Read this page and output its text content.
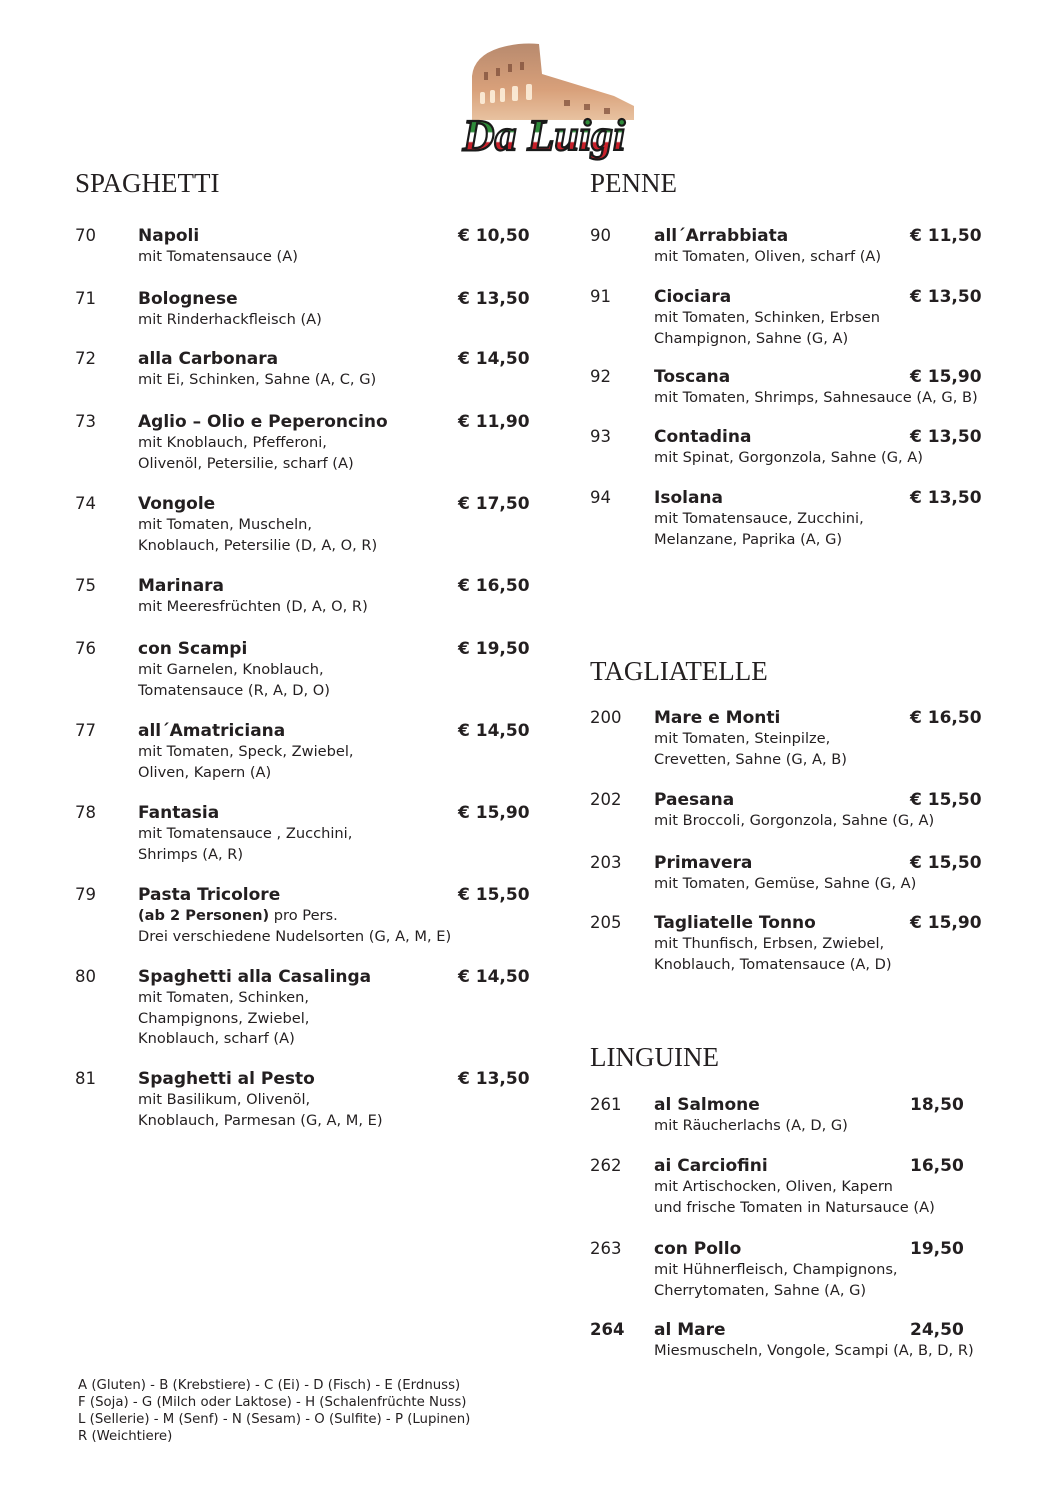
Da Luigi
SPAGHETTI	PENNE
TAGLIATELLE
LINGUINE
70 Napoli	€ 10,50
mit Tomatensauce (A)
71 Bolognese	€ 13,50
mit Rinderhackfleisch (A)
72 alla Carbonara	€ 14,50
mit Ei, Schinken, Sahne (A, C, G)
73 Aglio – Olio e Peperoncino	€ 11,90
mit Knoblauch, Pfefferoni,
Olivenöl, Petersilie, scharf (A)
74 Vongole	€ 17,50
mit Tomaten, Muscheln,
Knoblauch, Petersilie (D, A, O, R)
75 Marinara	€ 16,50
mit Meeresfrüchten (D, A, O, R)
76 con Scampi	€ 19,50
mit Garnelen, Knoblauch,
Tomatensauce (R, A, D, O)
77 all´Amatriciana	€ 14,50
mit Tomaten, Speck, Zwiebel,
Oliven, Kapern (A)
78 Fantasia	€ 15,90
mit Tomatensauce , Zucchini,
Shrimps (A, R)
79 Pasta Tricolore	€ 15,50
(ab 2 Personen) pro Pers.
Drei verschiedene Nudelsorten (G, A, M, E)
80 Spaghetti alla Casalinga	€ 14,50
mit Tomaten, Schinken,
Champignons, Zwiebel,
Knoblauch, scharf (A)
81 Spaghetti al Pesto	€ 13,50
mit Basilikum, Olivenöl,
Knoblauch, Parmesan (G, A, M, E)
90	all´Arrabbiata	€ 11,50
mit Tomaten, Oliven, scharf (A)
91	Ciociara	€ 13,50
mit Tomaten, Schinken, Erbsen
Champignon, Sahne (G, A)
92	Toscana	€ 15,90
mit Tomaten, Shrimps, Sahnesauce (A, G, B)
93	Contadina	€ 13,50
mit Spinat, Gorgonzola, Sahne (G, A)
94	Isolana	€ 13,50
mit Tomatensauce, Zucchini,
Melanzane, Paprika (A, G)
200 Mare e Monti	€ 16,50
mit Tomaten, Steinpilze,
Crevetten, Sahne (G, A, B)
202 Paesana	€ 15,50
mit Broccoli, Gorgonzola, Sahne (G, A)
203 Primavera	€ 15,50
mit Tomaten, Gemüse, Sahne (G, A)
205 Tagliatelle Tonno	€ 15,90
mit Thunfisch, Erbsen, Zwiebel,
Knoblauch, Tomatensauce (A, D)
261 al Salmone	18,50
mit Räucherlachs (A, D, G)
262 ai Carciofini	16,50
mit Artischocken, Oliven, Kapern
und frische Tomaten in Natursauce (A)
263 con Pollo	19,50
mit Hühnerfleisch, Champignons,
Cherrytomaten, Sahne (A, G)
264 al Mare	24,50
Miesmuscheln, Vongole, Scampi (A, B, D, R)
A (Gluten) - B (Krebstiere) - C (Ei) - D (Fisch) - E (Erdnuss)
F (Soja) - G (Milch oder Laktose) - H (Schalenfrüchte Nuss)
L (Sellerie) - M (Senf) - N (Sesam) - O (Sulfite) - P (Lupinen)
R (Weichtiere)
